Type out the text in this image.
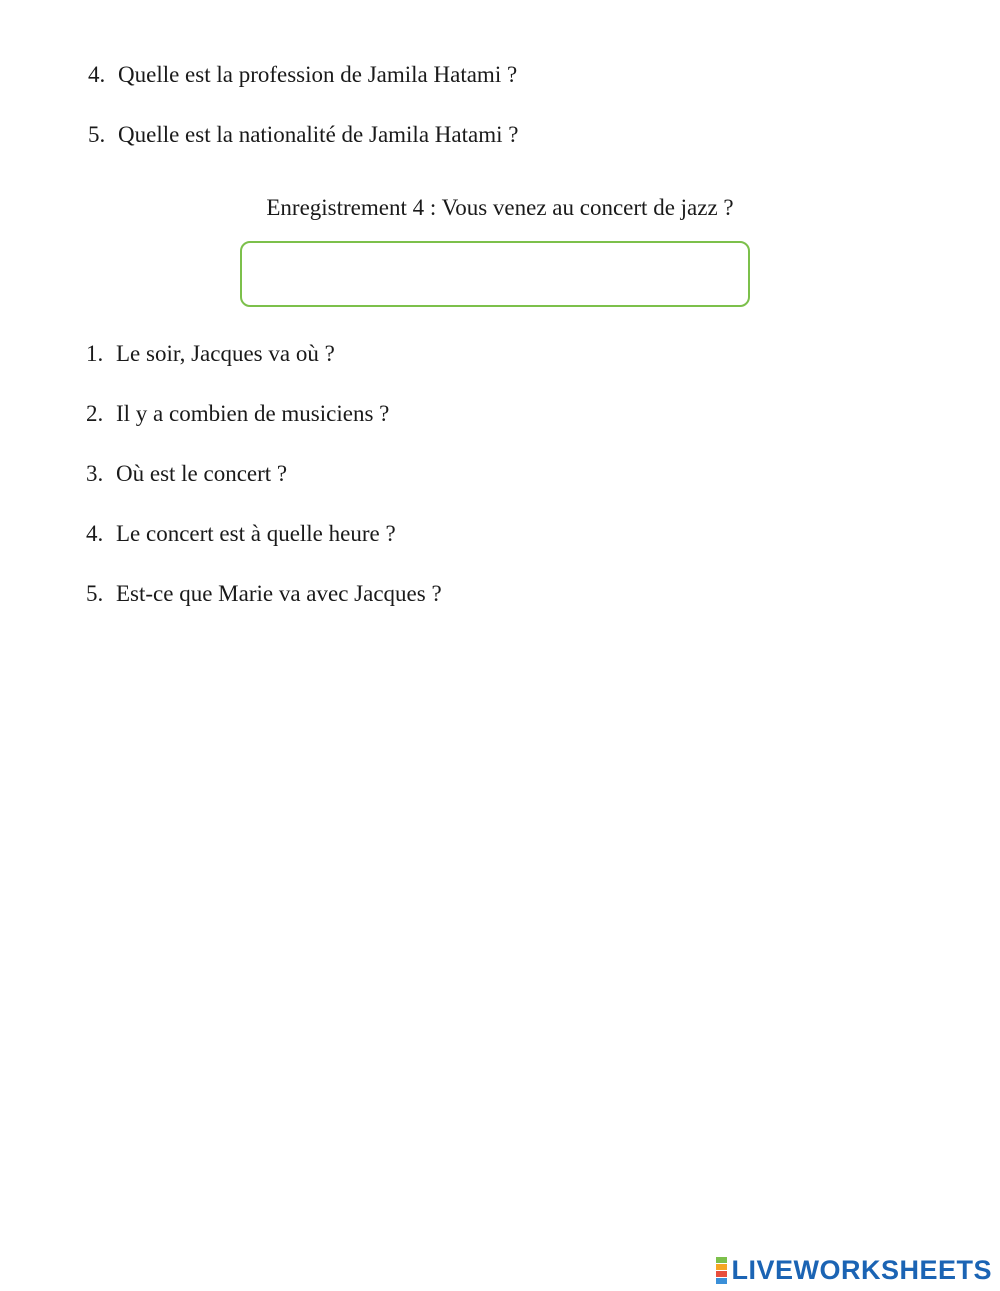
4. Quelle est la profession de Jamila Hatami ?
5. Quelle est la nationalité de Jamila Hatami ?
Enregistrement 4 : Vous venez au concert de jazz ?
1. Le soir, Jacques va où ?
2. Il y a combien de musiciens ?
3. Où est le concert ?
4. Le concert est à quelle heure ?
5. Est-ce que Marie va avec Jacques ?
LIVEWORKSHEETS
